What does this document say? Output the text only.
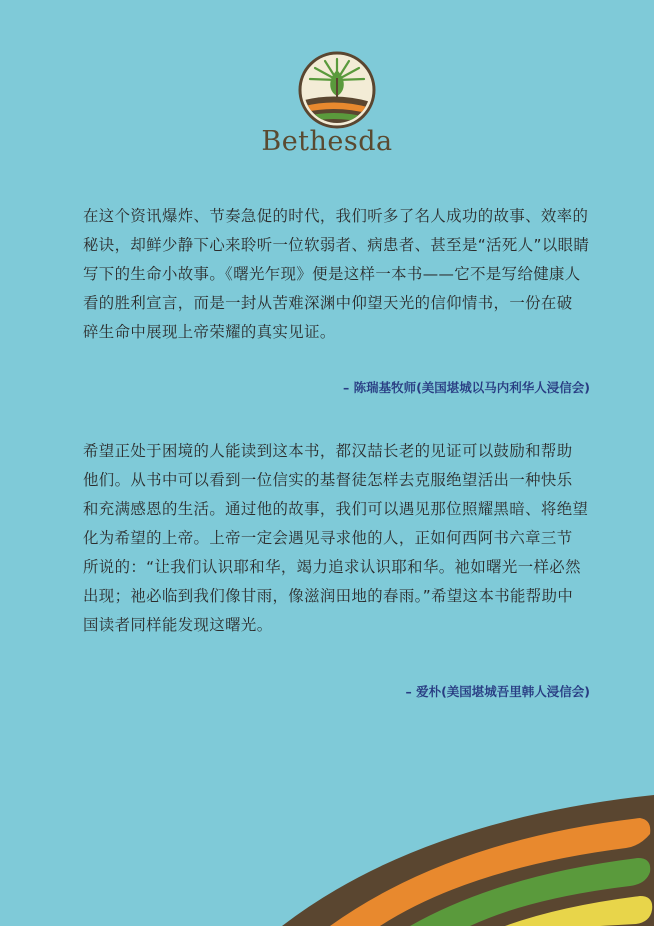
Bethesda
在这个资讯爆炸、节奏急促的时代，我们听多了名人成功的故事、效率的
秘诀，却鲜少静下心来聆听一位软弱者、病患者、甚至是“活死人”以眼睛
写下的生命小故事。《曙光乍现》便是这样一本书——它不是写给健康人
看的胜利宣言，而是一封从苦难深渊中仰望天光的信仰情书，一份在破
碎生命中展现上帝荣耀的真实见证。
– 陈瑞基牧师(美国堪城以马内利华人浸信会)
希望正处于困境的人能读到这本书，都汉喆长老的见证可以鼓励和帮助
他们。从书中可以看到一位信实的基督徒怎样去克服绝望活出一种快乐
和充满感恩的生活。通过他的故事，我们可以遇见那位照耀黑暗、将绝望
化为希望的上帝。上帝一定会遇见寻求他的人，正如何西阿书六章三节
所说的：“让我们认识耶和华，竭力追求认识耶和华。祂如曙光一样必然
出现；祂必临到我们像甘雨，像滋润田地的春雨。”希望这本书能帮助中
国读者同样能发现这曙光。
– 爱朴(美国堪城吾里韩人浸信会)
